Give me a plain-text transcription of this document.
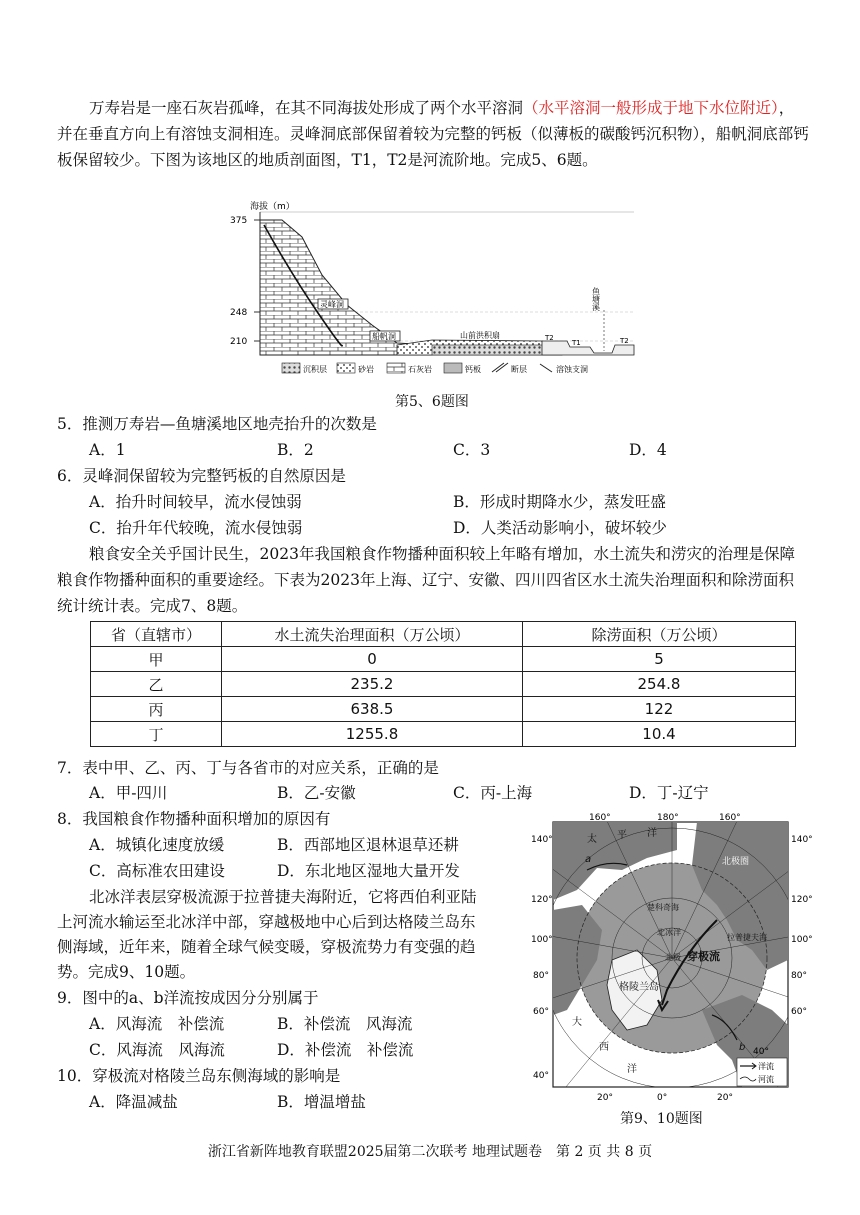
万寿岩是一座石灰岩孤峰，在其不同海拔处形成了两个水平溶洞（水平溶洞一般形成于地下水位附近），并在垂直方向上有溶蚀支洞相连。灵峰洞底部保留着较为完整的钙板（似薄板的碳酸钙沉积物），船帆洞底部钙板保留较少。下图为该地区的地质剖面图，T1，T2是河流阶地。完成5、6题。
海拔（m）
375
248
210
灵峰洞
船帆洞	山前洪积扇	T2
T1	T2
鱼塘溪
沉积层	砂岩	石灰岩	钙板	断层	溶蚀支洞
第5、6题图
5．推测万寿岩—鱼塘溪地区地壳抬升的次数是
A．1	B．2	C．3	D．4
6．灵峰洞保留较为完整钙板的自然原因是
A．抬升时间较早，流水侵蚀弱	B．形成时期降水少，蒸发旺盛
C．抬升年代较晚，流水侵蚀弱	D．人类活动影响小，破坏较少
粮食安全关乎国计民生，2023年我国粮食作物播种面积较上年略有增加，水土流失和涝灾的治理是保障粮食作物播种面积的重要途经。下表为2023年上海、辽宁、安徽、四川四省区水土流失治理面积和除涝面积统计统计表。完成7、8题。
省（直辖市）	水土流失治理面积（万公顷）	除涝面积（万公顷）
甲	0	5
乙	235.2	254.8
丙	638.5	122
丁	1255.8	10.4
7．表中甲、乙、丙、丁与各省市的对应关系，正确的是
A．甲-四川	B．乙-安徽	C．丙-上海	D．丁-辽宁
8．我国粮食作物播种面积增加的原因有
A．城镇化速度放缓	B．西部地区退林退草还耕
C．高标准农田建设	D．东北地区湿地大量开发
北冰洋表层穿极流源于拉普捷夫海附近，它将西伯利亚陆
上河流水输运至北冰洋中部，穿越极地中心后到达格陵兰岛东
侧海域，近年来，随着全球气候变暖，穿极流势力有变强的趋
势。完成9、10题。
9．图中的a、b洋流按成因分分别属于
A．风海流　补偿流	B．补偿流　风海流
C．风海流　风海流	D．补偿流　补偿流
10．穿极流对格陵兰岛东侧海域的影响是
A．降温减盐	B．增温增盐
160°	180°	160°
140°	140°
120°	120°
100°	100°
80°	80°
60°	60°
40°
40°
20°	0°	20°
太 平 洋
北极圈
楚科奇海
拉普捷夫海
北冰洋
北极 穿极流
格陵兰岛
大
西
洋
a
b
洋流
河流
第9、10题图
浙江省新阵地教育联盟2025届第二次联考 地理试题卷　第 2 页 共 8 页
